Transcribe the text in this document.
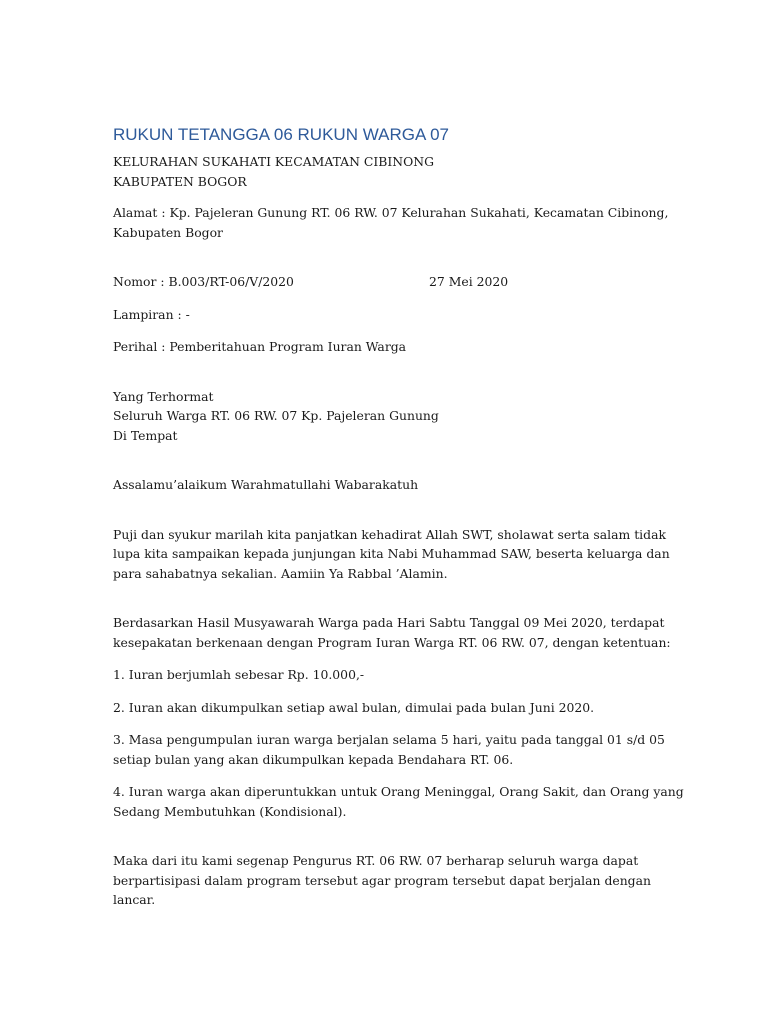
RUKUN TETANGGA 06 RUKUN WARGA 07

KELURAHAN SUKAHATI KECAMATAN CIBINONG

KABUPATEN BOGOR

Alamat : Kp. Pajeleran Gunung RT. 06 RW. 07 Kelurahan Sukahati, Kecamatan Cibinong,

Kabupaten Bogor

Nomor : B.003/RT-06/V/2020	27 Mei 2020

Lampiran : -

Perihal : Pemberitahuan Program Iuran Warga

Yang Terhormat

Seluruh Warga RT. 06 RW. 07 Kp. Pajeleran Gunung

Di Tempat

Assalamu’alaikum Warahmatullahi Wabarakatuh

Puji dan syukur marilah kita panjatkan kehadirat Allah SWT, sholawat serta salam tidak

lupa kita sampaikan kepada junjungan kita Nabi Muhammad SAW, beserta keluarga dan

para sahabatnya sekalian. Aamiin Ya Rabbal ’Alamin.

Berdasarkan Hasil Musyawarah Warga pada Hari Sabtu Tanggal 09 Mei 2020, terdapat

kesepakatan berkenaan dengan Program Iuran Warga RT. 06 RW. 07, dengan ketentuan:

1. Iuran berjumlah sebesar Rp. 10.000,-

2. Iuran akan dikumpulkan setiap awal bulan, dimulai pada bulan Juni 2020.

3. Masa pengumpulan iuran warga berjalan selama 5 hari, yaitu pada tanggal 01 s/d 05

setiap bulan yang akan dikumpulkan kepada Bendahara RT. 06.

4. Iuran warga akan diperuntukkan untuk Orang Meninggal, Orang Sakit, dan Orang yang

Sedang Membutuhkan (Kondisional).

Maka dari itu kami segenap Pengurus RT. 06 RW. 07 berharap seluruh warga dapat

berpartisipasi dalam program tersebut agar program tersebut dapat berjalan dengan

lancar.
